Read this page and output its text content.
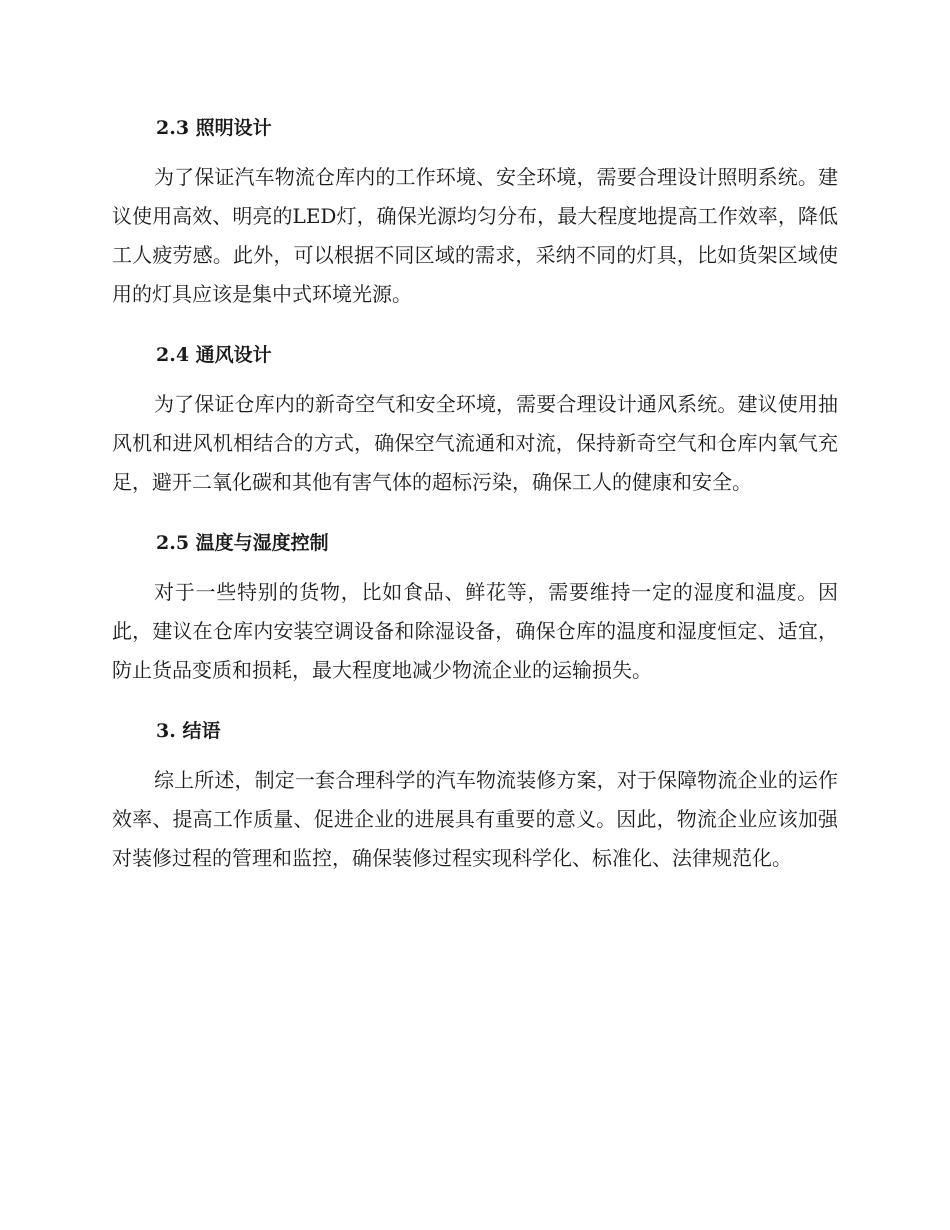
2.3 照明设计

为了保证汽车物流仓库内的工作环境、安全环境，需要合理设计照明系统。建议使用高效、明亮的LED灯，确保光源均匀分布，最大程度地提高工作效率，降低工人疲劳感。此外，可以根据不同区域的需求，采纳不同的灯具，比如货架区域使用的灯具应该是集中式环境光源。

2.4 通风设计

为了保证仓库内的新奇空气和安全环境，需要合理设计通风系统。建议使用抽风机和进风机相结合的方式，确保空气流通和对流，保持新奇空气和仓库内氧气充足，避开二氧化碳和其他有害气体的超标污染，确保工人的健康和安全。

2.5 温度与湿度控制

对于一些特别的货物，比如食品、鲜花等，需要维持一定的湿度和温度。因此，建议在仓库内安装空调设备和除湿设备，确保仓库的温度和湿度恒定、适宜，防止货品变质和损耗，最大程度地减少物流企业的运输损失。

3. 结语

综上所述，制定一套合理科学的汽车物流装修方案，对于保障物流企业的运作效率、提高工作质量、促进企业的进展具有重要的意义。因此，物流企业应该加强对装修过程的管理和监控，确保装修过程实现科学化、标准化、法律规范化。
